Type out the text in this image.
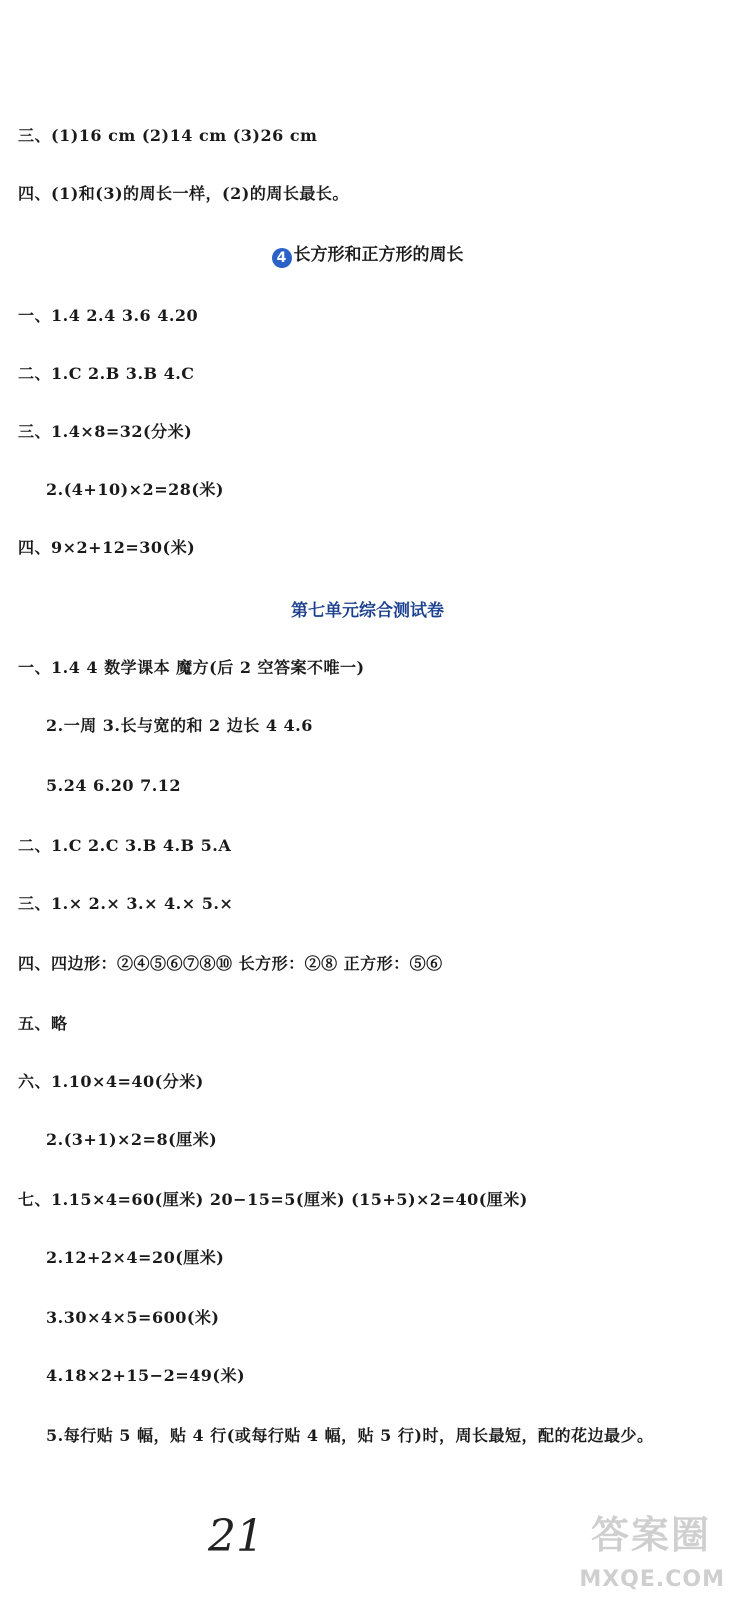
三、(1)16 cm (2)14 cm (3)26 cm
四、(1)和(3)的周长一样，(2)的周长最长。
4 长方形和正方形的周长
一、1.4 2.4 3.6 4.20
二、1.C 2.B 3.B 4.C
三、1.4×8=32(分米)
2.(4+10)×2=28(米)
四、9×2+12=30(米)
第七单元综合测试卷
一、1.4 4 数学课本 魔方(后 2 空答案不唯一)
2.一周 3.长与宽的和 2 边长 4 4.6
5.24 6.20 7.12
二、1.C 2.C 3.B 4.B 5.A
三、1.× 2.× 3.× 4.× 5.×
四、四边形：②④⑤⑥⑦⑧⑩ 长方形：②⑧ 正方形：⑤⑥
五、略
六、1.10×4=40(分米)
2.(3+1)×2=8(厘米)
七、1.15×4=60(厘米) 20−15=5(厘米) (15+5)×2=40(厘米)
2.12+2×4=20(厘米)
3.30×4×5=600(米)
4.18×2+15−2=49(米)
5.每行贴 5 幅，贴 4 行(或每行贴 4 幅，贴 5 行)时，周长最短，配的花边最少。
21	答案圈
MXQE.COM
